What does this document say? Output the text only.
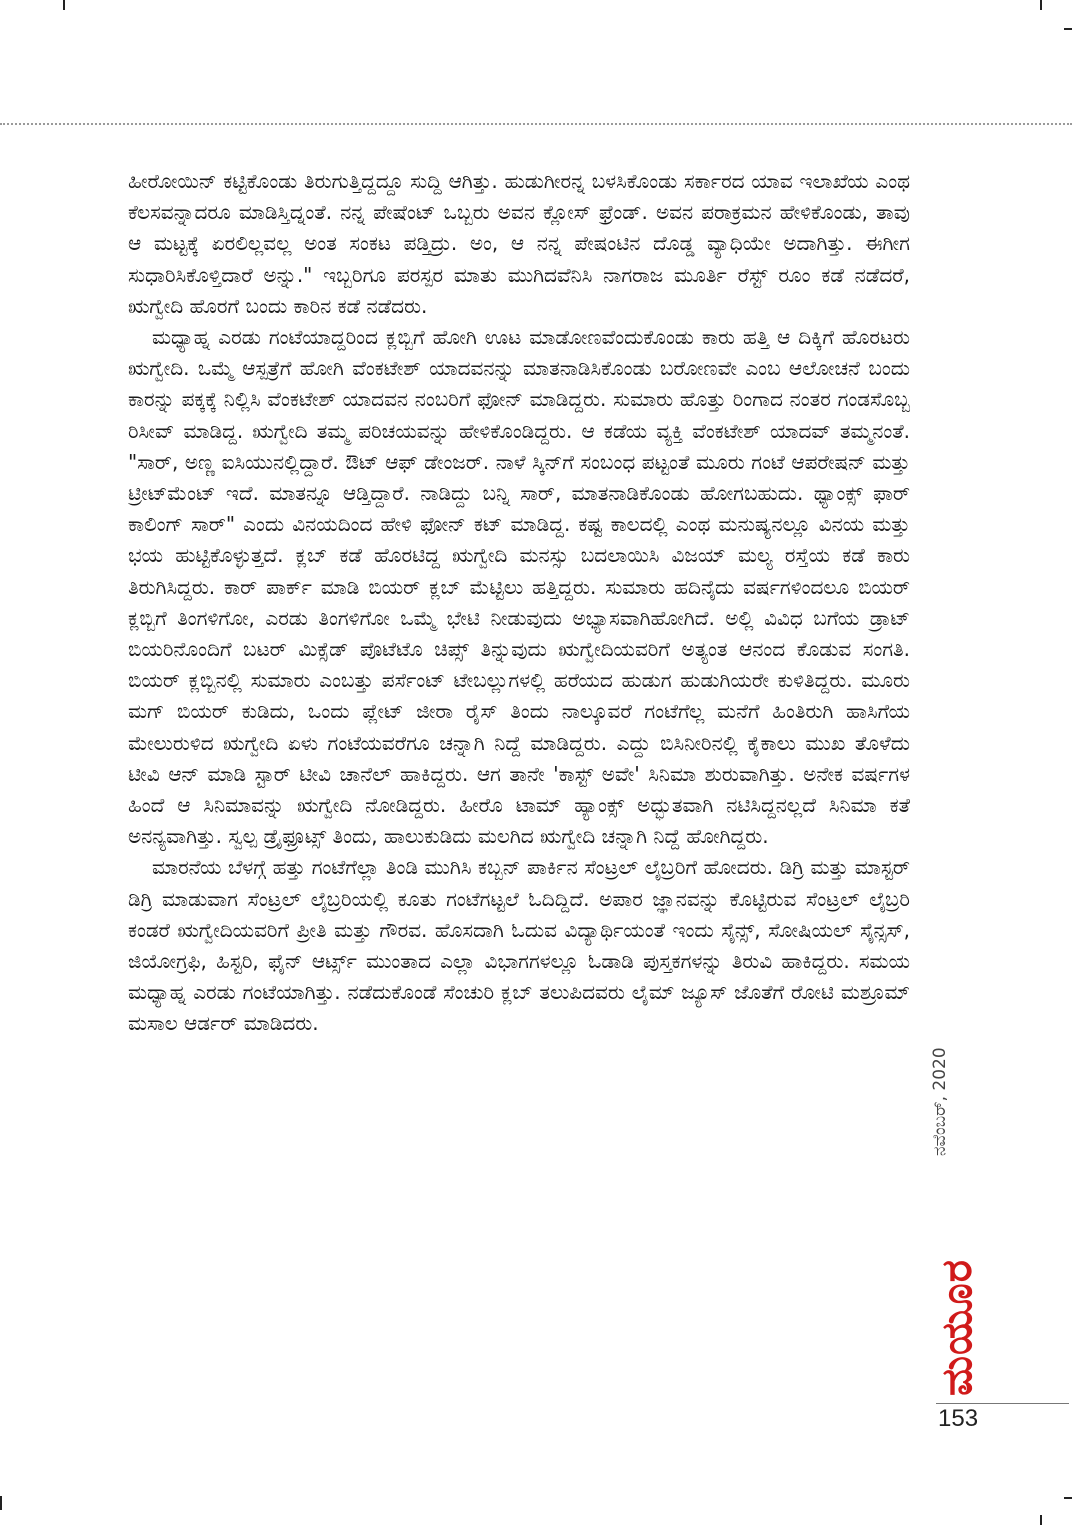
ಹೀರೋಯಿನ್ ಕಟ್ಟಿಕೊಂಡು ತಿರುಗುತ್ತಿದ್ದದ್ದೂ ಸುದ್ದಿ ಆಗಿತ್ತು. ಹುಡುಗೀರನ್ನ ಬಳಸಿಕೊಂಡು ಸರ್ಕಾರದ ಯಾವ ಇಲಾಖೆಯ ಎಂಥ ಕೆಲಸವನ್ನಾದರೂ ಮಾಡಿಸ್ತಿದ್ನಂತೆ. ನನ್ನ ಪೇಷೆಂಟ್ ಒಬ್ಬರು ಅವನ ಕ್ಲೋಸ್ ಫ್ರೆಂಡ್. ಅವನ ಪರಾಕ್ರಮನ ಹೇಳಿಕೊಂಡು, ತಾವು ಆ ಮಟ್ಟಕ್ಕೆ ಏರಲಿಲ್ಲವಲ್ಲ ಅಂತ ಸಂಕಟ ಪಡ್ತಿದ್ರು. ಅಂ, ಆ ನನ್ನ ಪೇಷಂಟಿನ ದೊಡ್ಡ ವ್ಯಾಧಿಯೇ ಅದಾಗಿತ್ತು. ಈಗೀಗ ಸುಧಾರಿಸಿಕೊಳ್ತಿದಾರೆ ಅನ್ನು." ಇಬ್ಬರಿಗೂ ಪರಸ್ಪರ ಮಾತು ಮುಗಿದವೆನಿಸಿ ನಾಗರಾಜ ಮೂರ್ತಿ ರೆಸ್ಟ್ ರೂಂ ಕಡೆ ನಡೆದರೆ, ಋಗ್ವೇದಿ ಹೊರಗೆ ಬಂದು ಕಾರಿನ ಕಡೆ ನಡೆದರು.

ಮಧ್ಯಾಹ್ನ ಎರಡು ಗಂಟೆಯಾದ್ದರಿಂದ ಕ್ಲಬ್ಬಿಗೆ ಹೋಗಿ ಊಟ ಮಾಡೋಣವೆಂದುಕೊಂಡು ಕಾರು ಹತ್ತಿ ಆ ದಿಕ್ಕಿಗೆ ಹೊರಟರು ಋಗ್ವೇದಿ. ಒಮ್ಮೆ ಆಸ್ಪತ್ರೆಗೆ ಹೋಗಿ ವೆಂಕಟೇಶ್ ಯಾದವನನ್ನು ಮಾತನಾಡಿಸಿಕೊಂಡು ಬರೋಣವೇ ಎಂಬ ಆಲೋಚನೆ ಬಂದು ಕಾರನ್ನು ಪಕ್ಕಕ್ಕೆ ನಿಲ್ಲಿಸಿ ವೆಂಕಟೇಶ್ ಯಾದವನ ನಂಬರಿಗೆ ಫೋನ್ ಮಾಡಿದ್ದರು. ಸುಮಾರು ಹೊತ್ತು ರಿಂಗಾದ ನಂತರ ಗಂಡಸೊಬ್ಬ ರಿಸೀವ್ ಮಾಡಿದ್ದ. ಋಗ್ವೇದಿ ತಮ್ಮ ಪರಿಚಯವನ್ನು ಹೇಳಿಕೊಂಡಿದ್ದರು. ಆ ಕಡೆಯ ವ್ಯಕ್ತಿ ವೆಂಕಟೇಶ್ ಯಾದವ್ ತಮ್ಮನಂತೆ. "ಸಾರ್, ಅಣ್ಣ ಐಸಿಯುನಲ್ಲಿದ್ದಾರೆ. ಔಟ್ ಆಫ್ ಡೇಂಜರ್. ನಾಳೆ ಸ್ಕಿನ್‌ಗೆ ಸಂಬಂಧ ಪಟ್ಟಂತೆ ಮೂರು ಗಂಟೆ ಆಪರೇಷನ್ ಮತ್ತು ಟ್ರೀಟ್‌ಮೆಂಟ್ ಇದೆ. ಮಾತನ್ನೂ ಆಡ್ತಿದ್ದಾರೆ. ನಾಡಿದ್ದು ಬನ್ನಿ ಸಾರ್, ಮಾತನಾಡಿಕೊಂಡು ಹೋಗಬಹುದು. ಥ್ಯಾಂಕ್ಸ್ ಫಾರ್ ಕಾಲಿಂಗ್ ಸಾರ್" ಎಂದು ವಿನಯದಿಂದ ಹೇಳಿ ಫೋನ್ ಕಟ್ ಮಾಡಿದ್ದ. ಕಷ್ಟ ಕಾಲದಲ್ಲಿ ಎಂಥ ಮನುಷ್ಯನಲ್ಲೂ ವಿನಯ ಮತ್ತು ಭಯ ಹುಟ್ಟಿಕೊಳ್ಳುತ್ತದೆ. ಕ್ಲಬ್ ಕಡೆ ಹೊರಟಿದ್ದ ಋಗ್ವೇದಿ ಮನಸ್ಸು ಬದಲಾಯಿಸಿ ವಿಜಯ್ ಮಲ್ಯ ರಸ್ತೆಯ ಕಡೆ ಕಾರು ತಿರುಗಿಸಿದ್ದರು. ಕಾರ್ ಪಾರ್ಕ್ ಮಾಡಿ ಬಿಯರ್ ಕ್ಲಬ್ ಮೆಟ್ಟಿಲು ಹತ್ತಿದ್ದರು. ಸುಮಾರು ಹದಿನೈದು ವರ್ಷಗಳಿಂದಲೂ ಬಿಯರ್ ಕ್ಲಬ್ಬಿಗೆ ತಿಂಗಳಿಗೋ, ಎರಡು ತಿಂಗಳಿಗೋ ಒಮ್ಮೆ ಭೇಟಿ ನೀಡುವುದು ಅಭ್ಯಾಸವಾಗಿಹೋಗಿದೆ. ಅಲ್ಲಿ ವಿವಿಧ ಬಗೆಯ ಡ್ರಾಟ್ ಬಿಯರಿನೊಂದಿಗೆ ಬಟರ್ ಮಿಕ್ಸೆಡ್ ಪೊಟೆಟೊ ಚಿಪ್ಸ್ ತಿನ್ನುವುದು ಋಗ್ವೇದಿಯವರಿಗೆ ಅತ್ಯಂತ ಆನಂದ ಕೊಡುವ ಸಂಗತಿ. ಬಿಯರ್ ಕ್ಲಬ್ಬಿನಲ್ಲಿ ಸುಮಾರು ಎಂಬತ್ತು ಪರ್ಸೆಂಟ್ ಟೇಬಲ್ಲುಗಳಲ್ಲಿ ಹರೆಯದ ಹುಡುಗ ಹುಡುಗಿಯರೇ ಕುಳಿತಿದ್ದರು. ಮೂರು ಮಗ್ ಬಿಯರ್ ಕುಡಿದು, ಒಂದು ಪ್ಲೇಟ್ ಜೀರಾ ರೈಸ್ ತಿಂದು ನಾಲ್ಕೂವರೆ ಗಂಟೆಗೆಲ್ಲ ಮನೆಗೆ ಹಿಂತಿರುಗಿ ಹಾಸಿಗೆಯ ಮೇಲುರುಳಿದ ಋಗ್ವೇದಿ ಏಳು ಗಂಟೆಯವರೆಗೂ ಚನ್ನಾಗಿ ನಿದ್ದೆ ಮಾಡಿದ್ದರು. ಎದ್ದು ಬಿಸಿನೀರಿನಲ್ಲಿ ಕೈಕಾಲು ಮುಖ ತೊಳೆದು ಟೀವಿ ಆನ್ ಮಾಡಿ ಸ್ಟಾರ್ ಟೀವಿ ಚಾನೆಲ್ ಹಾಕಿದ್ದರು. ಆಗ ತಾನೇ 'ಕಾಸ್ಟ್ ಅವೇ' ಸಿನಿಮಾ ಶುರುವಾಗಿತ್ತು. ಅನೇಕ ವರ್ಷಗಳ ಹಿಂದೆ ಆ ಸಿನಿಮಾವನ್ನು ಋಗ್ವೇದಿ ನೋಡಿದ್ದರು. ಹೀರೊ ಟಾಮ್ ಹ್ಯಾಂಕ್ಸ್ ಅದ್ಭುತವಾಗಿ ನಟಿಸಿದ್ದನಲ್ಲದೆ ಸಿನಿಮಾ ಕತೆ ಅನನ್ಯವಾಗಿತ್ತು. ಸ್ವಲ್ಪ ಡ್ರೈಫ್ರೂಟ್ಸ್ ತಿಂದು, ಹಾಲುಕುಡಿದು ಮಲಗಿದ ಋಗ್ವೇದಿ ಚನ್ನಾಗಿ ನಿದ್ದೆ ಹೋಗಿದ್ದರು.

ಮಾರನೆಯ ಬೆಳಗ್ಗೆ ಹತ್ತು ಗಂಟೆಗೆಲ್ಲಾ ತಿಂಡಿ ಮುಗಿಸಿ ಕಬ್ಬನ್ ಪಾರ್ಕಿನ ಸೆಂಟ್ರಲ್ ಲೈಬ್ರರಿಗೆ ಹೋದರು. ಡಿಗ್ರಿ ಮತ್ತು ಮಾಸ್ಟರ್ ಡಿಗ್ರಿ ಮಾಡುವಾಗ ಸೆಂಟ್ರಲ್ ಲೈಬ್ರರಿಯಲ್ಲಿ ಕೂತು ಗಂಟೆಗಟ್ಟಲೆ ಓದಿದ್ದಿದೆ. ಅಪಾರ ಜ್ಞಾನವನ್ನು ಕೊಟ್ಟಿರುವ ಸೆಂಟ್ರಲ್ ಲೈಬ್ರರಿ ಕಂಡರೆ ಋಗ್ವೇದಿಯವರಿಗೆ ಪ್ರೀತಿ ಮತ್ತು ಗೌರವ. ಹೊಸದಾಗಿ ಓದುವ ವಿದ್ಯಾರ್ಥಿಯಂತೆ ಇಂದು ಸೈನ್ಸ್, ಸೋಷಿಯಲ್ ಸೈನ್ಸಸ್, ಜಿಯೋಗ್ರಫಿ, ಹಿಸ್ಟರಿ, ಫೈನ್ ಆರ್ಟ್ಸ್ ಮುಂತಾದ ಎಲ್ಲಾ ವಿಭಾಗಗಳಲ್ಲೂ ಓಡಾಡಿ ಪುಸ್ತಕಗಳನ್ನು ತಿರುವಿ ಹಾಕಿದ್ದರು. ಸಮಯ ಮಧ್ಯಾಹ್ನ ಎರಡು ಗಂಟೆಯಾಗಿತ್ತು. ನಡೆದುಕೊಂಡೆ ಸೆಂಚುರಿ ಕ್ಲಬ್ ತಲುಪಿದವರು ಲೈಮ್ ಜ್ಯೂಸ್ ಜೊತೆಗೆ ರೋಟಿ ಮಶ್ರೂಮ್ ಮಸಾಲ ಆರ್ಡರ್ ಮಾಡಿದರು.

ನವೆಂಬರ್, 2020
ಮಯೂರ
153
